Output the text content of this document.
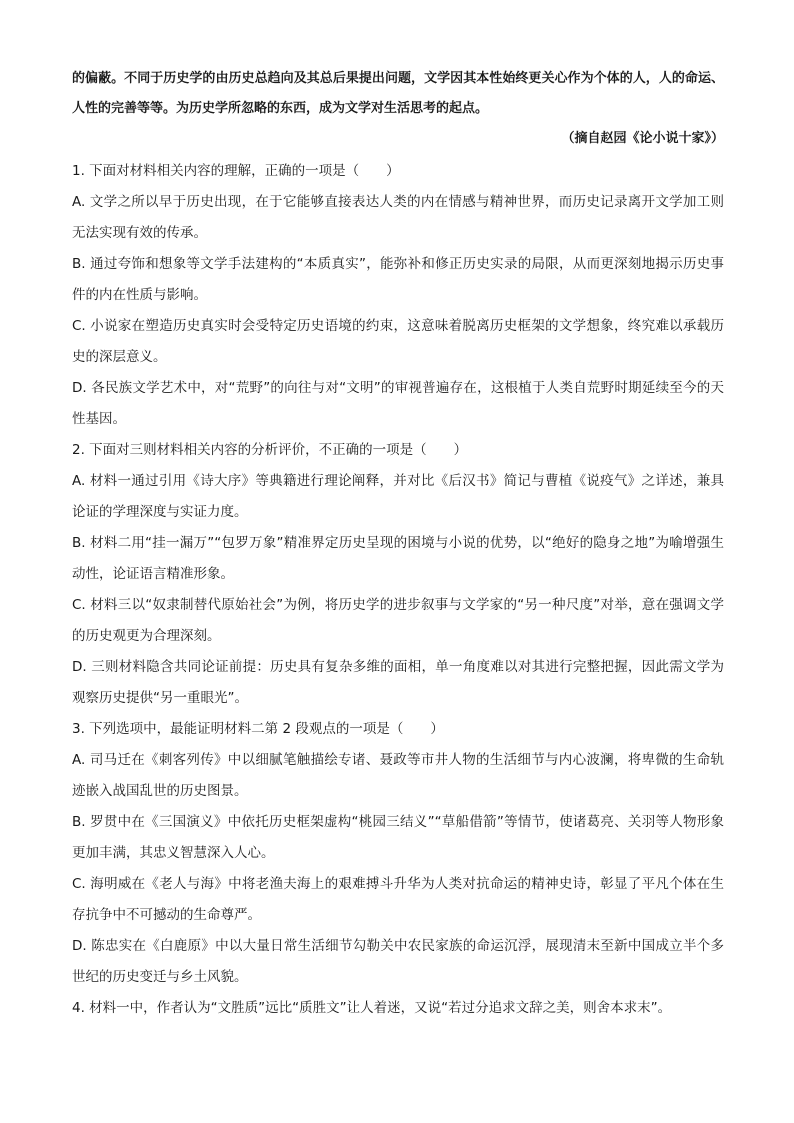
的偏蔽。不同于历史学的由历史总趋向及其总后果提出问题，文学因其本性始终更关心作为个体的人，人的命运、人性的完善等等。为历史学所忽略的东西，成为文学对生活思考的起点。

（摘自赵园《论小说十家》）

1. 下面对材料相关内容的理解，正确的一项是（　　）

A. 文学之所以早于历史出现，在于它能够直接表达人类的内在情感与精神世界，而历史记录离开文学加工则无法实现有效的传承。

B. 通过夸饰和想象等文学手法建构的“本质真实”，能弥补和修正历史实录的局限，从而更深刻地揭示历史事件的内在性质与影响。

C. 小说家在塑造历史真实时会受特定历史语境的约束，这意味着脱离历史框架的文学想象，终究难以承载历史的深层意义。

D. 各民族文学艺术中，对“荒野”的向往与对“文明”的审视普遍存在，这根植于人类自荒野时期延续至今的天性基因。

2. 下面对三则材料相关内容的分析评价，不正确的一项是（　　）

A. 材料一通过引用《诗大序》等典籍进行理论阐释，并对比《后汉书》简记与曹植《说疫气》之详述，兼具论证的学理深度与实证力度。

B. 材料二用“挂一漏万”“包罗万象”精准界定历史呈现的困境与小说的优势，以“绝好的隐身之地”为喻增强生动性，论证语言精准形象。

C. 材料三以“奴隶制替代原始社会”为例，将历史学的进步叙事与文学家的“另一种尺度”对举，意在强调文学的历史观更为合理深刻。

D. 三则材料隐含共同论证前提：历史具有复杂多维的面相，单一角度难以对其进行完整把握，因此需文学为观察历史提供“另一重眼光”。

3. 下列选项中，最能证明材料二第 2 段观点的一项是（　　）

A. 司马迁在《刺客列传》中以细腻笔触描绘专诸、聂政等市井人物的生活细节与内心波澜，将卑微的生命轨迹嵌入战国乱世的历史图景。

B. 罗贯中在《三国演义》中依托历史框架虚构“桃园三结义”“草船借箭”等情节，使诸葛亮、关羽等人物形象更加丰满，其忠义智慧深入人心。

C. 海明威在《老人与海》中将老渔夫海上的艰难搏斗升华为人类对抗命运的精神史诗，彰显了平凡个体在生存抗争中不可撼动的生命尊严。

D. 陈忠实在《白鹿原》中以大量日常生活细节勾勒关中农民家族的命运沉浮，展现清末至新中国成立半个多世纪的历史变迁与乡土风貌。

4. 材料一中，作者认为“文胜质”远比“质胜文”让人着迷，又说“若过分追求文辞之美，则舍本求末”。
